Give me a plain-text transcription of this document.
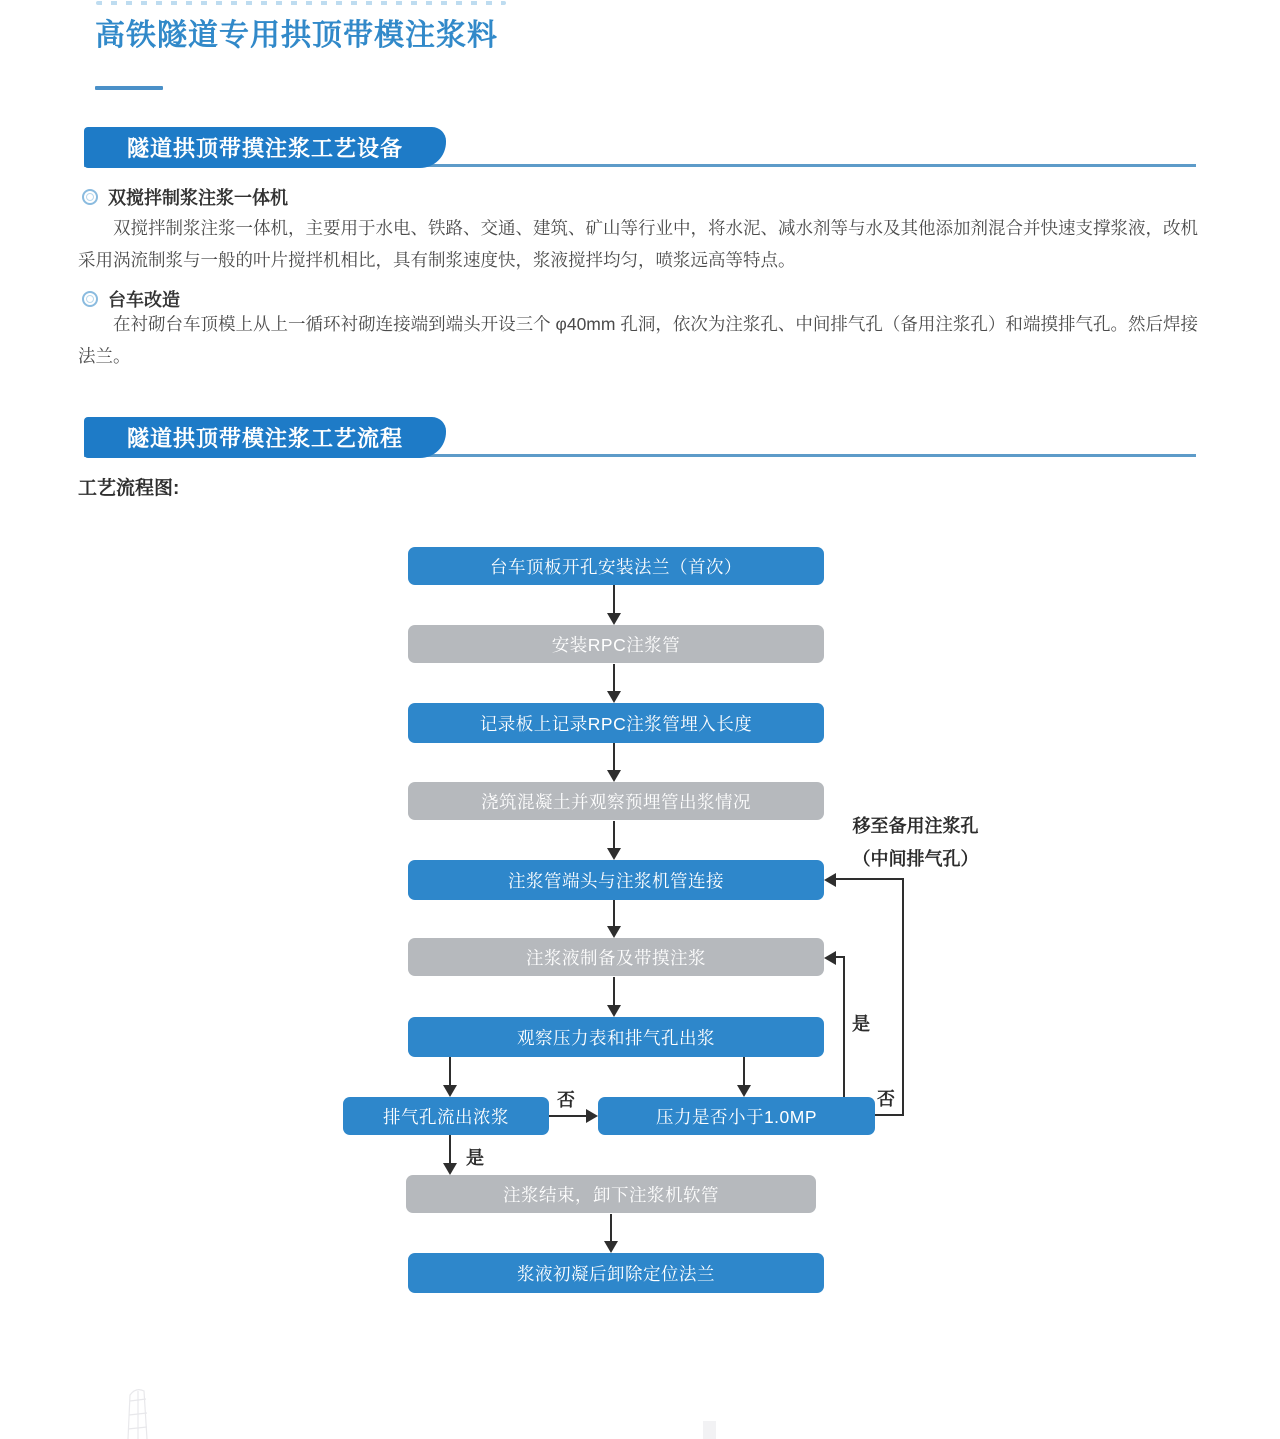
高铁隧道专用拱顶带模注浆料
隧道拱顶带摸注浆工艺设备
双搅拌制浆注浆一体机
双搅拌制浆注浆一体机，主要用于水电、铁路、交通、建筑、矿山等行业中，将水泥、减水剂等与水及其他添加剂混合并快速支撑浆液，改机采用涡流制浆与一般的叶片搅拌机相比，具有制浆速度快，浆液搅拌均匀，喷浆远高等特点。
台车改造
在衬砌台车顶模上从上一循环衬砌连接端到端头开设三个 φ40mm 孔洞，依次为注浆孔、中间排气孔（备用注浆孔）和端摸排气孔。然后焊接法兰。
隧道拱顶带模注浆工艺流程
工艺流程图:
台车顶板开孔安装法兰（首次）
安装RPC注浆管
记录板上记录RPC注浆管埋入长度
浇筑混凝土并观察预埋管出浆情况
注浆管端头与注浆机管连接
注浆液制备及带摸注浆
观察压力表和排气孔出浆
排气孔流出浓浆	压力是否小于1.0MP
注浆结束，卸下注浆机软管
浆液初凝后卸除定位法兰
否
是
是
否
移至备用注浆孔
（中间排气孔）
